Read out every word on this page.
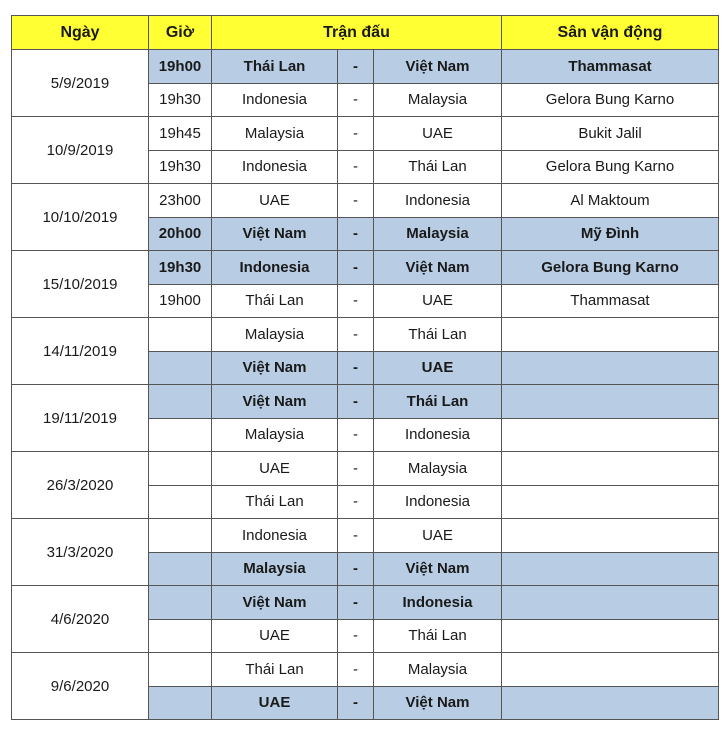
Ngày	Giờ	Trận đấu			Sân vận động
5/9/2019	19h00	Thái Lan	-	Việt Nam	Thammasat
	19h30	Indonesia	-	Malaysia	Gelora Bung Karno
10/9/2019	19h45	Malaysia	-	UAE	Bukit Jalil
	19h30	Indonesia	-	Thái Lan	Gelora Bung Karno
10/10/2019	23h00	UAE	-	Indonesia	Al Maktoum
	20h00	Việt Nam	-	Malaysia	Mỹ Đình
15/10/2019	19h30	Indonesia	-	Việt Nam	Gelora Bung Karno
	19h00	Thái Lan	-	UAE	Thammasat
14/11/2019		Malaysia	-	Thái Lan	
		Việt Nam	-	UAE	
19/11/2019		Việt Nam	-	Thái Lan	
		Malaysia	-	Indonesia	
26/3/2020		UAE	-	Malaysia	
		Thái Lan	-	Indonesia	
31/3/2020		Indonesia	-	UAE	
		Malaysia	-	Việt Nam	
4/6/2020		Việt Nam	-	Indonesia	
		UAE	-	Thái Lan	
9/6/2020		Thái Lan	-	Malaysia	
		UAE	-	Việt Nam	
